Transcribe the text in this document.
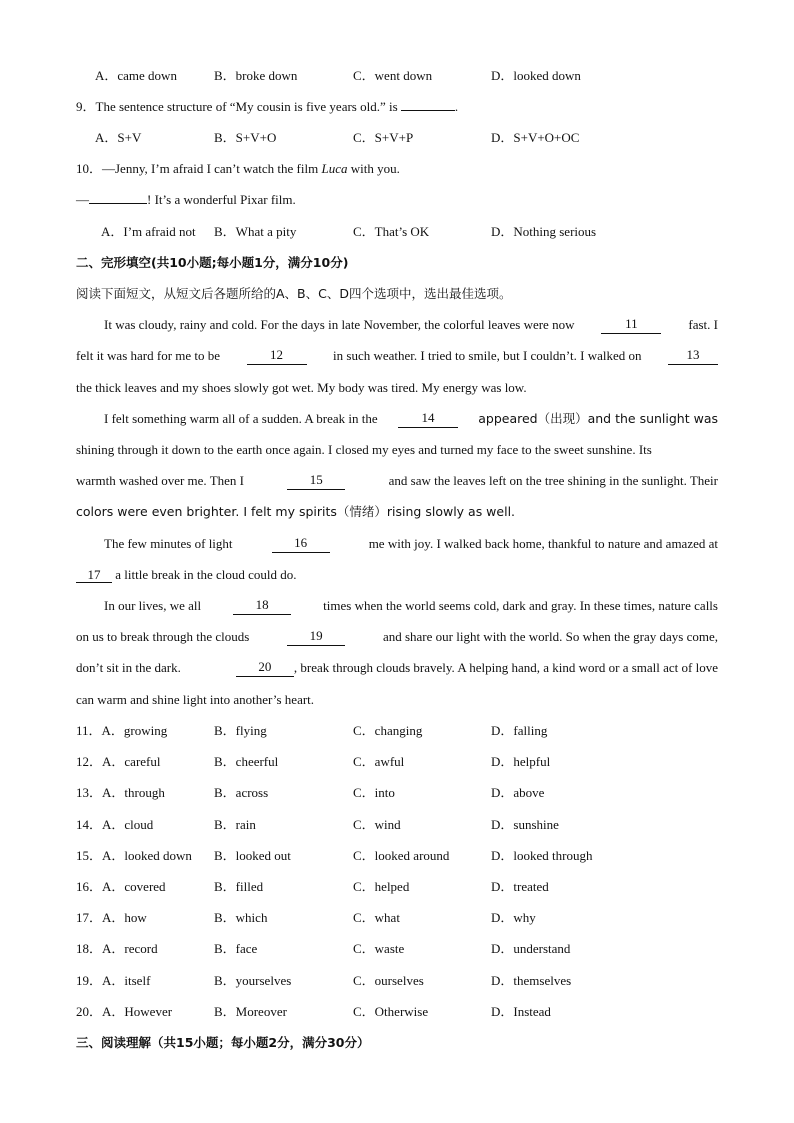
A．came down	B．broke down	C．went down	D．looked down
9．The sentence structure of “My cousin is five years old.” is	.
A．S+V	B．S+V+O	C．S+V+P	D．S+V+O+OC
10．—Jenny, I’m afraid I can’t watch the film Luca with you.
—	! It’s a wonderful Pixar film.
A．I’m afraid not B．What a pity	C．That’s OK	D．Nothing serious
二、完形填空(共10小题;每小题1分，满分10分)
阅读下面短文，从短文后各题所给的A、B、C、D四个选项中，选出最佳选项。
It was cloudy, rainy and cold. For the days in late November, the colorful leaves were now	11	fast. I
felt it was hard for me to be	12	in such weather. I tried to smile, but I couldn’t. I walked on	13
the thick leaves and my shoes slowly got wet. My body was tired. My energy was low.
I felt something warm all of a sudden. A break in the	14	appeared（出现）and the sunlight was
shining through it down to the earth once again. I closed my eyes and turned my face to the sweet sunshine. Its
warmth washed over me. Then I	15	and saw the leaves left on the tree shining in the sunlight. Their
colors were even brighter. I felt my spirits（情绪）rising slowly as well.
The few minutes of light	16	me with joy. I walked back home, thankful to nature and amazed at
17 a little break in the cloud could do.
In our lives, we all	18	times when the world seems cold, dark and gray. In these times, nature calls
on us to break through the clouds	19	and share our light with the world. So when the gray days come,
don’t sit in the dark.	20	, break through clouds bravely. A helping hand, a kind word or a small act of love
can warm and shine light into another’s heart.
11．A．growing	B．flying	C．changing	D．falling
12．A．careful	B．cheerful	C．awful	D．helpful
13．A．through	B．across	C．into	D．above
14．A．cloud	B．rain	C．wind	D．sunshine
15．A．looked down B．looked out	C．looked around	D．looked through
16．A．covered	B．filled	C．helped	D．treated
17．A．how	B．which	C．what	D．why
18．A．record	B．face	C．waste	D．understand
19．A．itself	B．yourselves	C．ourselves	D．themselves
20．A．However	B．Moreover	C．Otherwise	D．Instead
三、阅读理解（共15小题；每小题2分，满分30分）
